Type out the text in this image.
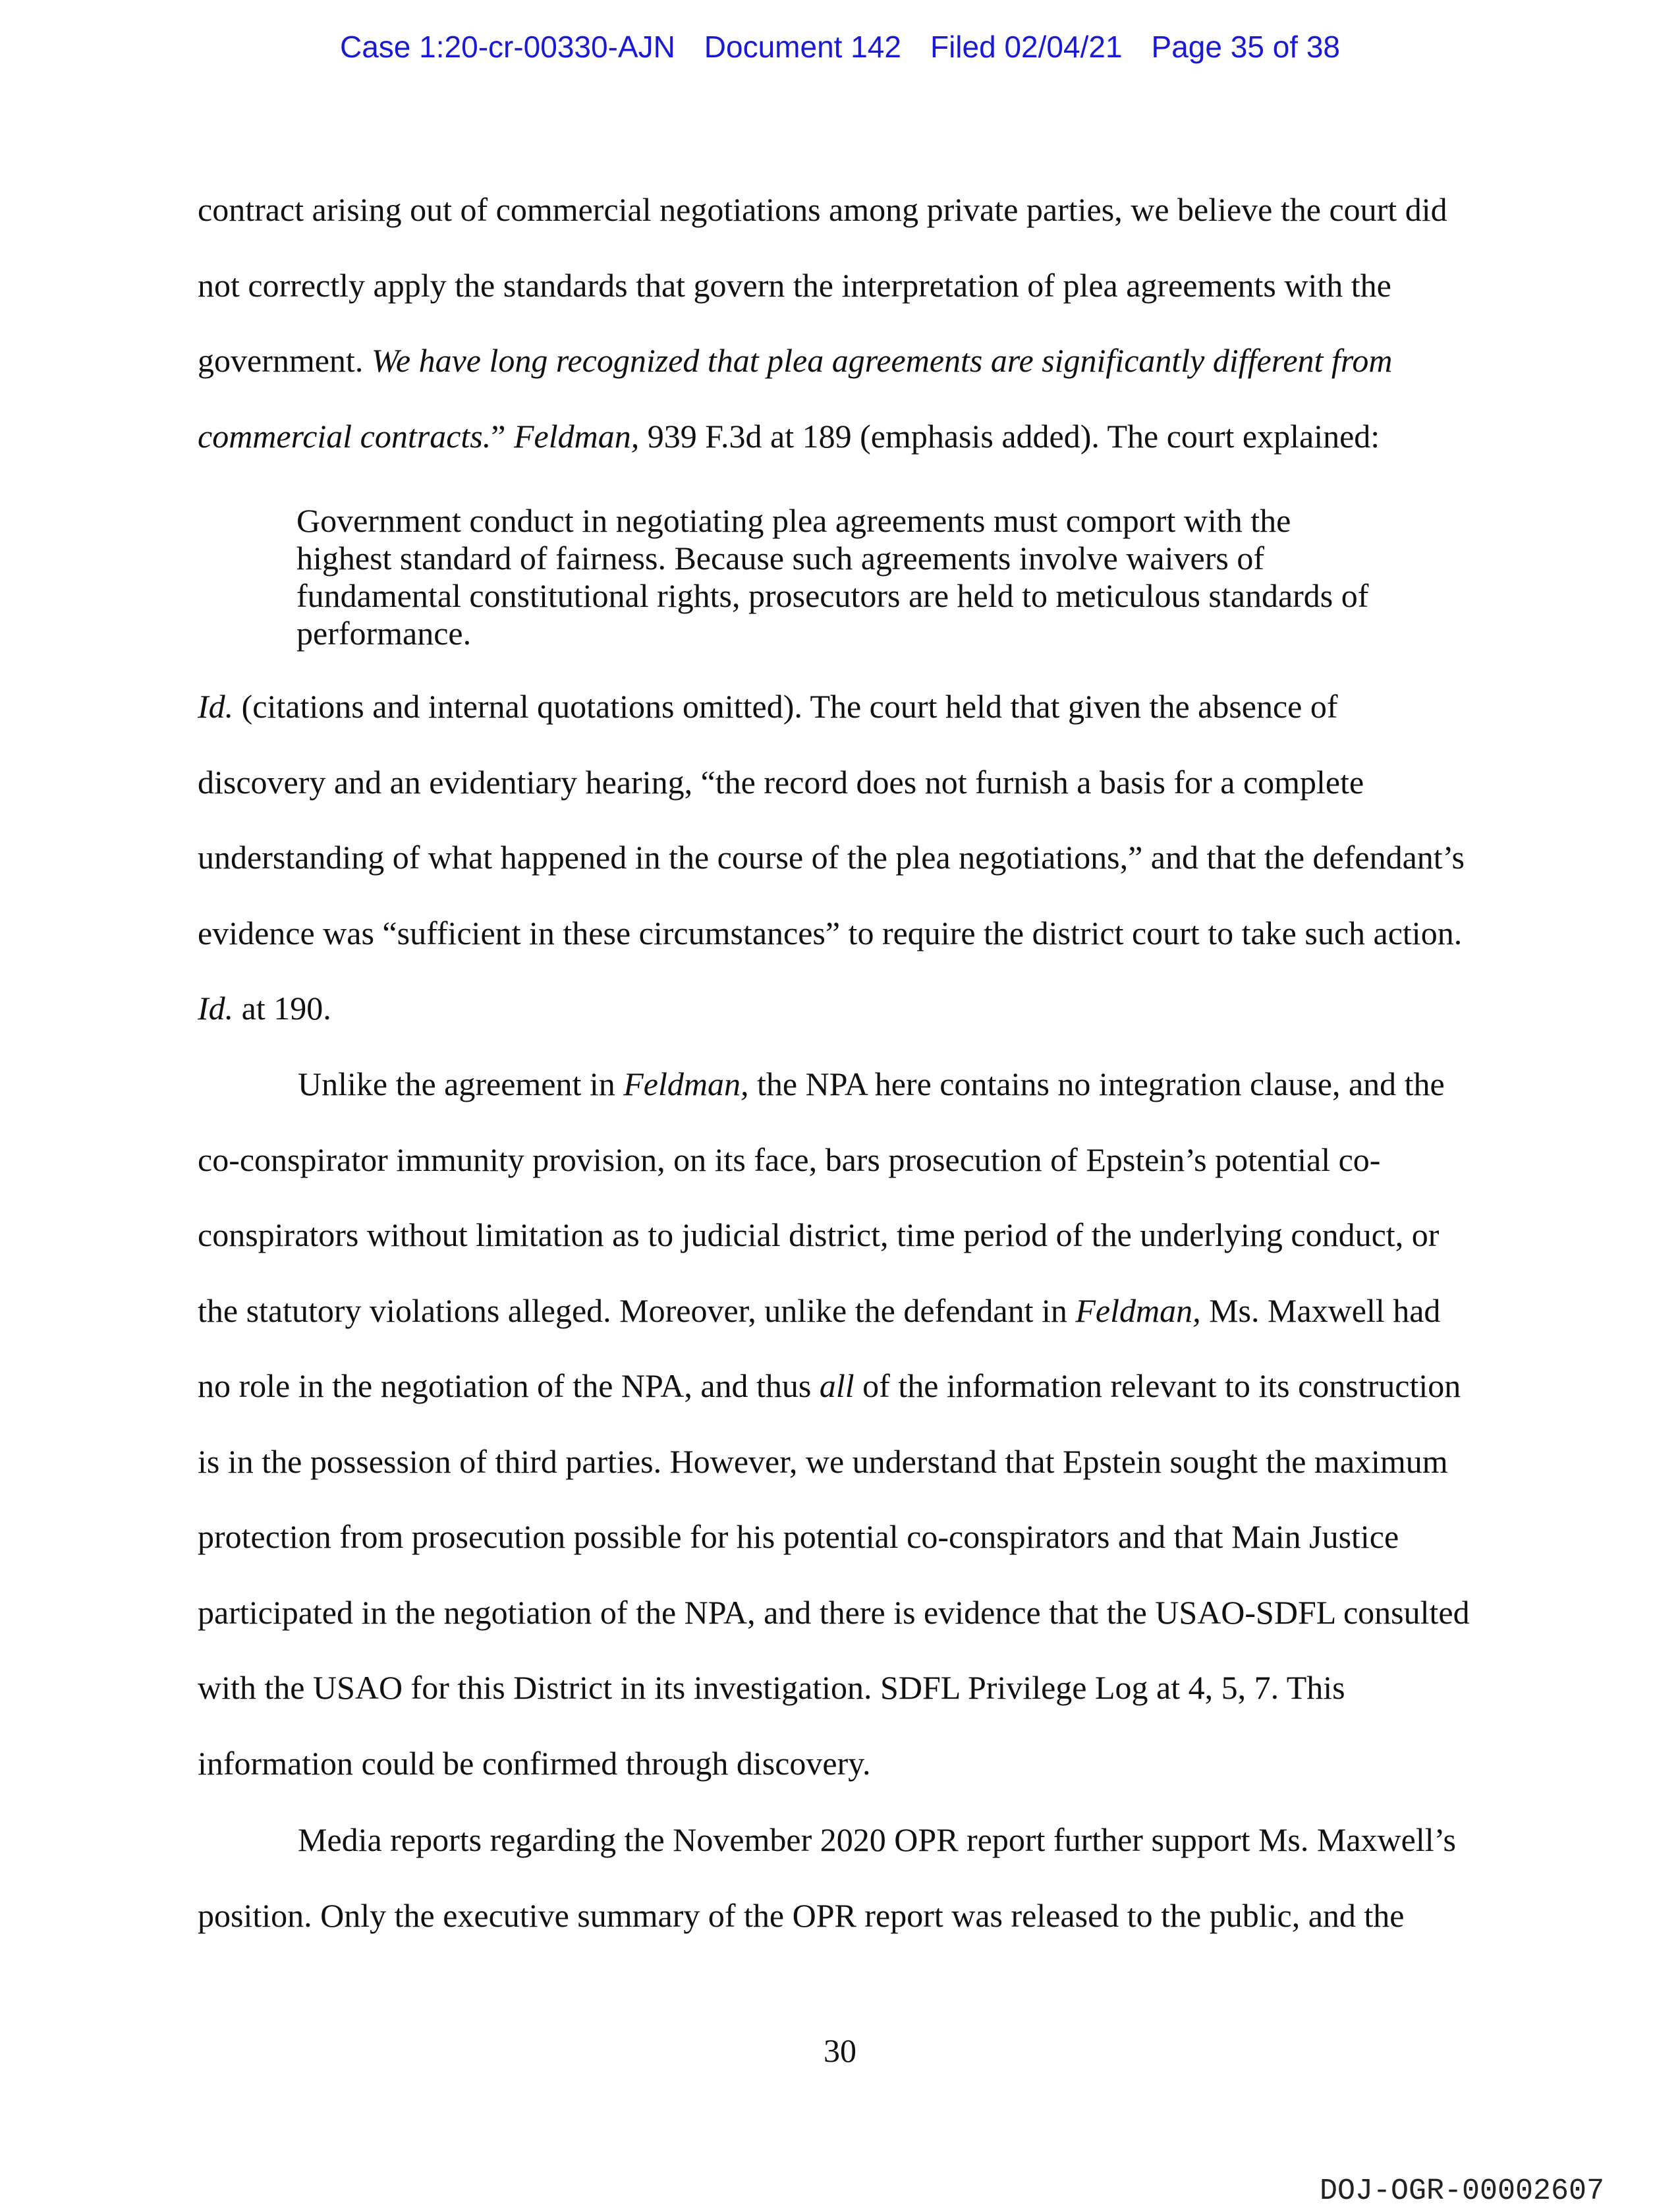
Case 1:20-cr-00330-AJN Document 142 Filed 02/04/21 Page 35 of 38
contract arising out of commercial negotiations among private parties, we believe the court did
not correctly apply the standards that govern the interpretation of plea agreements with the
government. We have long recognized that plea agreements are significantly different from
commercial contracts.” Feldman, 939 F.3d at 189 (emphasis added). The court explained:
Id. (citations and internal quotations omitted). The court held that given the absence of
discovery and an evidentiary hearing, “the record does not furnish a basis for a complete
understanding of what happened in the course of the plea negotiations,” and that the defendant’s
evidence was “sufficient in these circumstances” to require the district court to take such action.
Id. at 190.
Unlike the agreement in Feldman, the NPA here contains no integration clause, and the
co-conspirator immunity provision, on its face, bars prosecution of Epstein’s potential co-
conspirators without limitation as to judicial district, time period of the underlying conduct, or
the statutory violations alleged. Moreover, unlike the defendant in Feldman, Ms. Maxwell had
no role in the negotiation of the NPA, and thus all of the information relevant to its construction
is in the possession of third parties. However, we understand that Epstein sought the maximum
protection from prosecution possible for his potential co-conspirators and that Main Justice
participated in the negotiation of the NPA, and there is evidence that the USAO-SDFL consulted
with the USAO for this District in its investigation. SDFL Privilege Log at 4, 5, 7. This
information could be confirmed through discovery.
Media reports regarding the November 2020 OPR report further support Ms. Maxwell’s
position. Only the executive summary of the OPR report was released to the public, and the
Government conduct in negotiating plea agreements must comport with the
highest standard of fairness. Because such agreements involve waivers of
fundamental constitutional rights, prosecutors are held to meticulous standards of
performance.
30
DOJ-OGR-00002607
